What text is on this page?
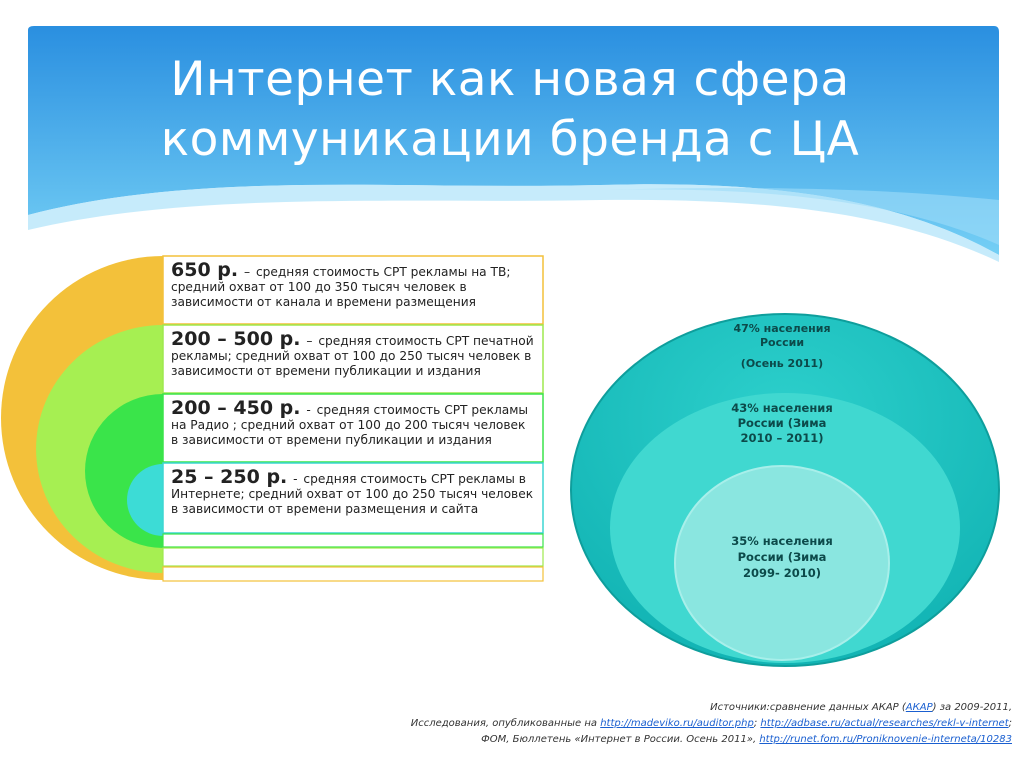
Интернет как новая сфера
коммуникации бренда с ЦА
47% населения
России
(Осень 2011)
43% населения
России (Зима
2010 – 2011)
35% населения
России (Зима
2099- 2010)
650 р. – средняя стоимость CPT рекламы на ТВ; средний охват от 100 до 350 тысяч человек в зависимости от канала и времени размещения
200 – 500 р. – средняя стоимость CPT печатной рекламы; средний охват от 100 до 250 тысяч человек в зависимости от времени публикации и издания
200 – 450 р. - средняя стоимость CPT рекламы на Радио ; средний охват от 100 до 200 тысяч человек в зависимости от времени публикации и издания
25 – 250 р. - средняя стоимость CPT рекламы в Интернете; средний охват от 100 до 250 тысяч человек в зависимости от времени размещения и сайта
Источники:сравнение данных АКАР (АКАР) за 2009-2011,
Исследования, опубликованные на http://madeviko.ru/auditor.php; http://adbase.ru/actual/researches/rekl-v-internet;
ФОМ, Бюллетень «Интернет в России. Осень 2011», http://runet.fom.ru/Proniknovenie-interneta/10283
